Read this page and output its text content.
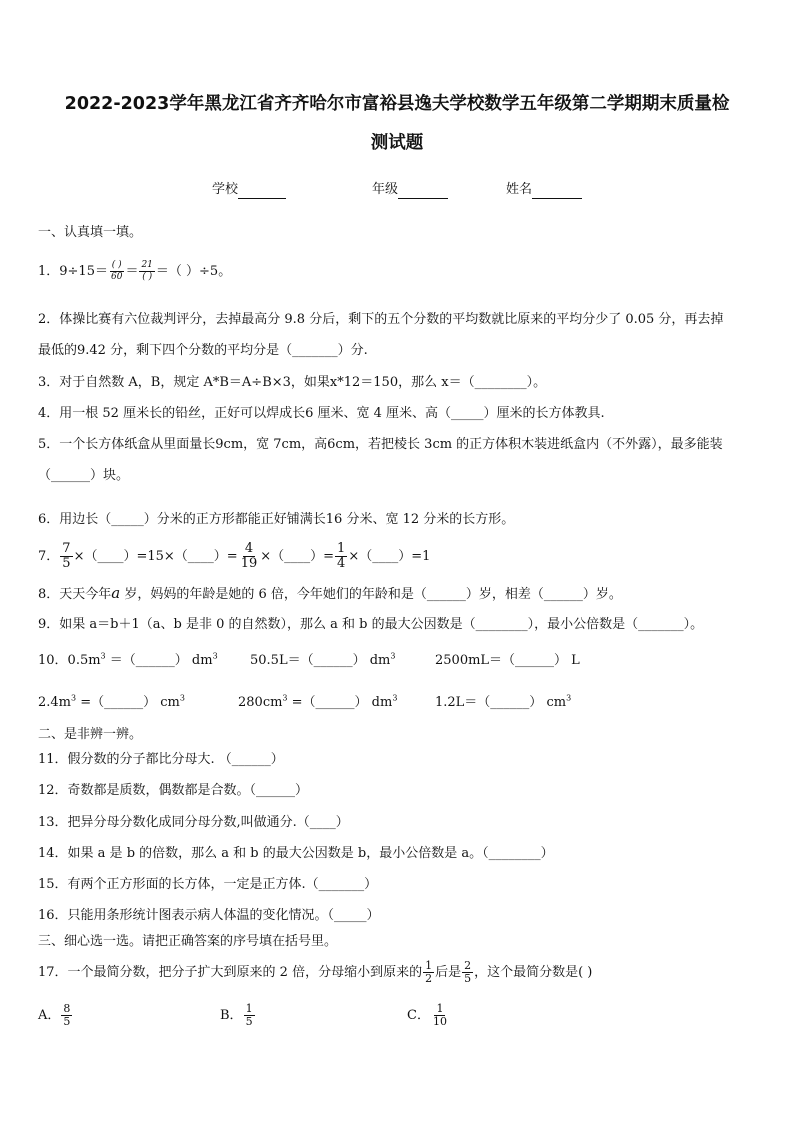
2022-2023学年黑龙江省齐齐哈尔市富裕县逸夫学校数学五年级第二学期期末质量检
测试题
学校	年级	姓名
一、认真填一填。
1．$9\div 15= \frac{( )}{60} = \frac{21}{( )}$ ＝（ ）÷5。
2．体操比赛有六位裁判评分，去掉最高分 9.8 分后，剩下的五个分数的平均数就比原来的平均分少了 0.05 分，再去掉
最低的9.42 分，剩下四个分数的平均分是（_______）分.
3．对于自然数 A，B，规定 A*B＝A÷B×3，如果x*12＝150，那么 x＝（________）。
4．用一根 52 厘米长的铅丝，正好可以焊成长6 厘米、宽 4 厘米、高（_____）厘米的长方体教具.
5．一个长方体纸盒从里面量长9cm，宽 7cm，高6cm，若把棱长 3cm 的正方体积木装进纸盒内（不外露），最多能装
（______）块。
6．用边长（_____）分米的正方形都能正好铺满长16 分米、宽 12 分米的长方形。
7． $\frac{7}{5}$ ×（____）=15×（____）= $\frac{4}{19}$ ×（____）= $\frac{1}{4}$ ×（____）=1
8．天天今年a 岁，妈妈的年龄是她的 6 倍，今年她们的年龄和是（______）岁，相差（______）岁。
9．如果 a＝b＋1（a、b 是非 0 的自然数），那么 a 和 b 的最大公因数是（________），最小公倍数是（_______）。
10．$0.5m^3$ ＝（______） $dm^3$ 50.5L＝（______） $dm^3$	2500mL＝（______） L
$2.4m^3$ =（______） $cm^3$	$280cm^3$ =（______） $dm^3$	1.2L＝（______） $cm^3$
二、是非辨一辨。
11．假分数的分子都比分母大. （______）
12．奇数都是质数，偶数都是合数。（______）
13．把异分母分数化成同分母分数,叫做通分.（____）
14．如果 a 是 b 的倍数，那么 a 和 b 的最大公因数是 b，最小公倍数是 a。（________）
15．有两个正方形面的长方体，一定是正方体.（_______）
16．只能用条形统计图表示病人体温的变化情况。（_____）
三、细心选一选。请把正确答案的序号填在括号里。
17．一个最简分数，把分子扩大到原来的 2 倍，分母缩小到原来的 $\frac{1}{2}$ 后是 $\frac{2}{5}$ ，这个最简分数是( )
A． $\frac{8}{5}$	B． $\frac{1}{5}$	C． $\frac{1}{10}$
